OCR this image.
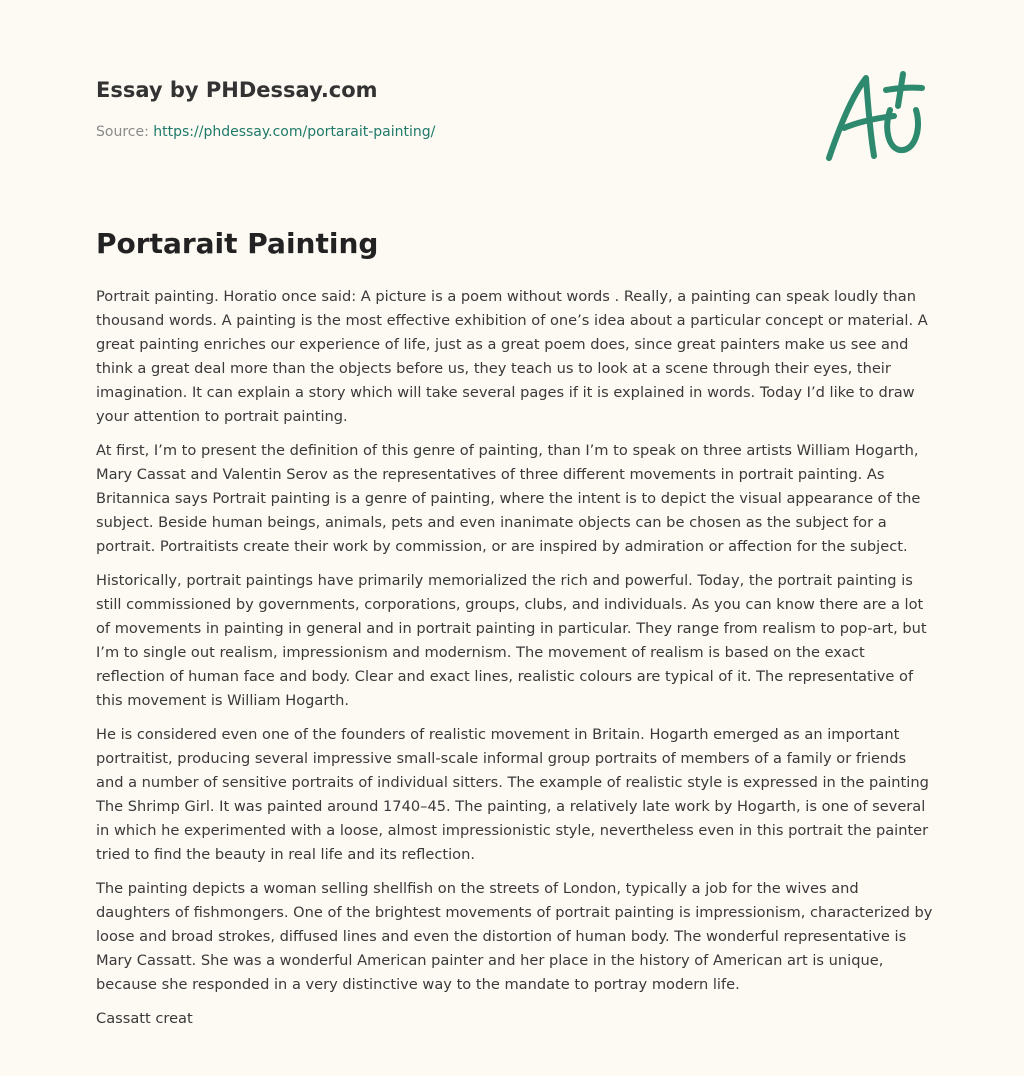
Essay by PHDessay.com
Source: https://phdessay.com/portarait-painting/
Portarait Painting

Portrait painting. Horatio once said: A picture is a poem without words . Really, a painting can speak loudly than thousand words. A painting is the most effective exhibition of one’s idea about a particular concept or material. A great painting enriches our experience of life, just as a great poem does, since great painters make us see and think a great deal more than the objects before us, they teach us to look at a scene through their eyes, their imagination. It can explain a story which will take several pages if it is explained in words. Today I’d like to draw your attention to portrait painting.

At first, I’m to present the definition of this genre of painting, than I’m to speak on three artists William Hogarth, Mary Cassat and Valentin Serov as the representatives of three different movements in portrait painting. As Britannica says Portrait painting is a genre of painting, where the intent is to depict the visual appearance of the subject. Beside human beings, animals, pets and even inanimate objects can be chosen as the subject for a portrait. Portraitists create their work by commission, or are inspired by admiration or affection for the subject.

Historically, portrait paintings have primarily memorialized the rich and powerful. Today, the portrait painting is still commissioned by governments, corporations, groups, clubs, and individuals. As you can know there are a lot of movements in painting in general and in portrait painting in particular. They range from realism to pop-art, but I’m to single out realism, impressionism and modernism. The movement of realism is based on the exact reflection of human face and body. Clear and exact lines, realistic colours are typical of it. The representative of this movement is William Hogarth.

He is considered even one of the founders of realistic movement in Britain. Hogarth emerged as an important portraitist, producing several impressive small-scale informal group portraits of members of a family or friends and a number of sensitive portraits of individual sitters. The example of realistic style is expressed in the painting The Shrimp Girl. It was painted around 1740–45. The painting, a relatively late work by Hogarth, is one of several in which he experimented with a loose, almost impressionistic style, nevertheless even in this portrait the painter tried to find the beauty in real life and its reflection.

The painting depicts a woman selling shellfish on the streets of London, typically a job for the wives and daughters of fishmongers. One of the brightest movements of portrait painting is impressionism, characterized by loose and broad strokes, diffused lines and even the distortion of human body. The wonderful representative is Mary Cassatt. She was a wonderful American painter and her place in the history of American art is unique, because she responded in a very distinctive way to the mandate to portray modern life.

Cassatt creat
